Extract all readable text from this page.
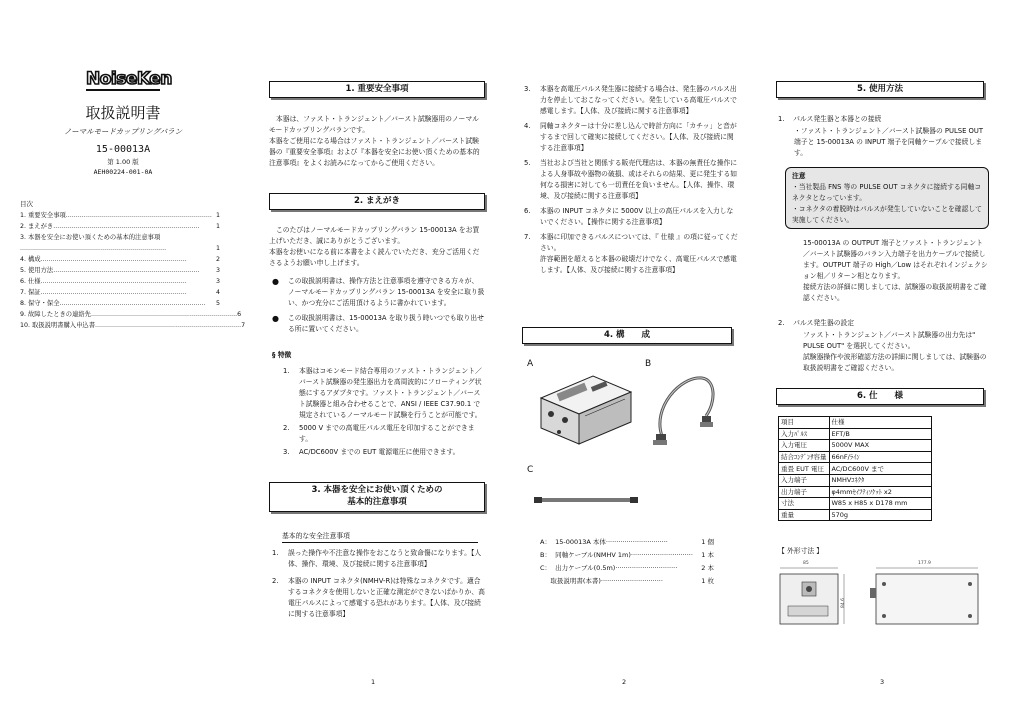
NoiseKen
取扱説明書
ノーマルモードカップリングバラン
15-00013A
第 1.00 版
AEH00224-001-0A
目次
1. 重要安全事項 ......................................................................... 1
2. まえがき .........................................................................	1
3. 本器を安全にお使い頂くための基本的注意事項
.........................................................................	1
4. 構成 .........................................................................	2
5. 使用方法 .........................................................................	3
6. 仕様 .........................................................................	3
7. 保証 .........................................................................	4
8. 保守・保全 .........................................................................	5
9. 故障したときの連絡先 ......................................................................... 6
10. 取扱説明書購入申込書 ......................................................................... 7
1. 重要安全事項
本器は、ファスト・トランジェント／バースト試験器用のノーマルモードカップリングバランです。
本器をご使用になる場合はファスト・トランジェント／バースト試験器の『重要安全事項』および『本器を安全にお使い頂くための基本的注意事項』をよくお読みになってからご使用ください。
2. まえがき
このたびはノーマルモードカップリングバラン 15-00013A をお買上げいただき、誠にありがとうございます。
本器をお使いになる前に本書をよく読んでいただき、充分ご活用くださるようお願い申し上げます。
●	この取扱説明書は、操作方法と注意事項を遵守できる方々が、ノーマルモードカップリングバラン 15-00013A を安全に取り扱い、かつ充分にご活用頂けるように書かれています。
●	この取扱説明書は、15-00013A を取り扱う時いつでも取り出せる所に置いてください。
§ 特徴
1.	本器はコモンモード結合専用のファスト・トランジェント／バースト試験器の発生器出力を高周波的にフローティング状態にするアダプタです。ファスト・トランジェント／バースト試験器と組み合わせることで、ANSI / IEEE C37.90.1 で規定されているノーマルモード試験を行うことが可能です。
2.	5000 V までの高電圧パルス電圧を印加することができます。
3.	AC/DC600V までの EUT 電源電圧に使用できます。
3. 本器を安全にお使い頂くための
基本的注意事項
基本的な安全注意事項
1.	誤った操作や不注意な操作をおこなうと致命傷になります。【人体、操作、環境、及び接続に関する注意事項】
2.	本器の INPUT コネクタ(NMHV-R)は特殊なコネクタです。適合するコネクタを使用しないと正確な測定ができないばかりか、高電圧パルスによって感電する恐れがあります。【人体、及び接続に関する注意事項】
1
3.	本器を高電圧パルス発生器に接続する場合は、発生器のパルス出力を停止しておこなってください。発生している高電圧パルスで感電します。【人体、及び接続に関する注意事項】
4.	同軸コネクターは十分に差し込んで時計方向に「カチッ」と音がするまで回して確実に接続してください。【人体、及び接続に関する注意事項】
5.	当社および当社と関係する販売代理店は、本器の無責任な操作による人身事故や器物の破損、或はそれらの結果、更に発生する如何なる損害に対しても一切責任を負いません。【人体、操作、環境、及び接続に関する注意事項】
6.	本器の INPUT コネクタに 5000V 以上の高圧パルスを入力しないでください。【操作に関する注意事項】
7.	本器に印加できるパルスについては、『 仕様 』の項に従ってください。
許容範囲を超えると本器の破壊だけでなく、高電圧パルスで感電します。【人体、及び接続に関する注意事項】
4. 構　　成
A	B
C
A：  15-00013A 本体 ······························	1 個
B：  同軸ケーブル(NMHV 1m) ······························	1 本
C：  出力ケーブル(0.5m) ······························	2 本
取扱説明書(本書) ······························	1 枚
2
5. 使用方法
1.    パルス発生器と本器との接続
・ファスト・トランジェント／バースト試験器の PULSE OUT 端子と 15-00013A の INPUT 端子を同軸ケーブルで接続します。
注意
・当社製品 FNS 等の PULSE OUT コネクタに接続する同軸コネクタとなっています。
・コネクタの着脱時はパルスが発生していないことを確認して実施してください。
15-00013A の OUTPUT 端子とファスト・トランジェント／バースト試験器のバラン入力端子を出力ケーブルで接続します。OUTPUT 端子の High／Low はそれぞれインジェクション相／リターン相となります。
接続方法の詳細に関しましては、試験器の取扱説明書をご確認ください。
2.    パルス発生器の設定
ファスト・トランジェント／バースト試験器の出力先は" PULSE OUT" を選択してください。
試験器操作や波形確認方法の詳細に関しましては、試験器の取扱説明書をご確認ください。
6. 仕　　様
項目	仕様
入力ﾊﾟﾙｽ	EFT/B
入力電圧	5000V MAX
結合ｺﾝﾃﾞﾝｻ容量	66nF/ﾗｲﾝ
重畳 EUT 電圧	AC/DC600V まで
入力端子	NMHVｺﾈｸﾀ
出力端子	φ4mmｾｲﾌﾃｨｿｹｯﾄ x2
寸法	W85 x H85 x D178 mm
重量	570g
【 外形寸法 】
85
84.6
177.9
3
